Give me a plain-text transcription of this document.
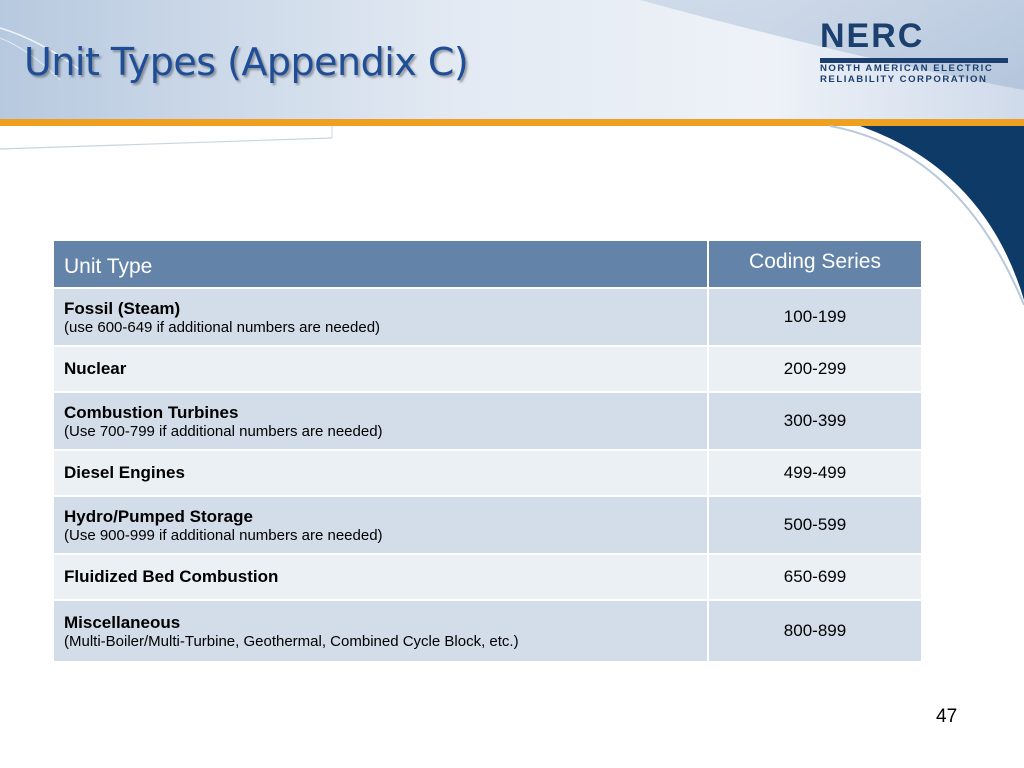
Unit Types (Appendix C)
NERC
NORTH AMERICAN ELECTRIC
RELIABILITY CORPORATION
Unit Type	Coding Series

Fossil (Steam)
(use 600-649 if additional numbers are needed)	100-199

Nuclear	200-299

Combustion Turbines
(Use 700-799 if additional numbers are needed)	300-399

Diesel Engines	499-499

Hydro/Pumped Storage
(Use 900-999 if additional numbers are needed)	500-599

Fluidized Bed Combustion	650-699

Miscellaneous
(Multi-Boiler/Multi-Turbine, Geothermal, Combined Cycle Block, etc.)	800-899
47
